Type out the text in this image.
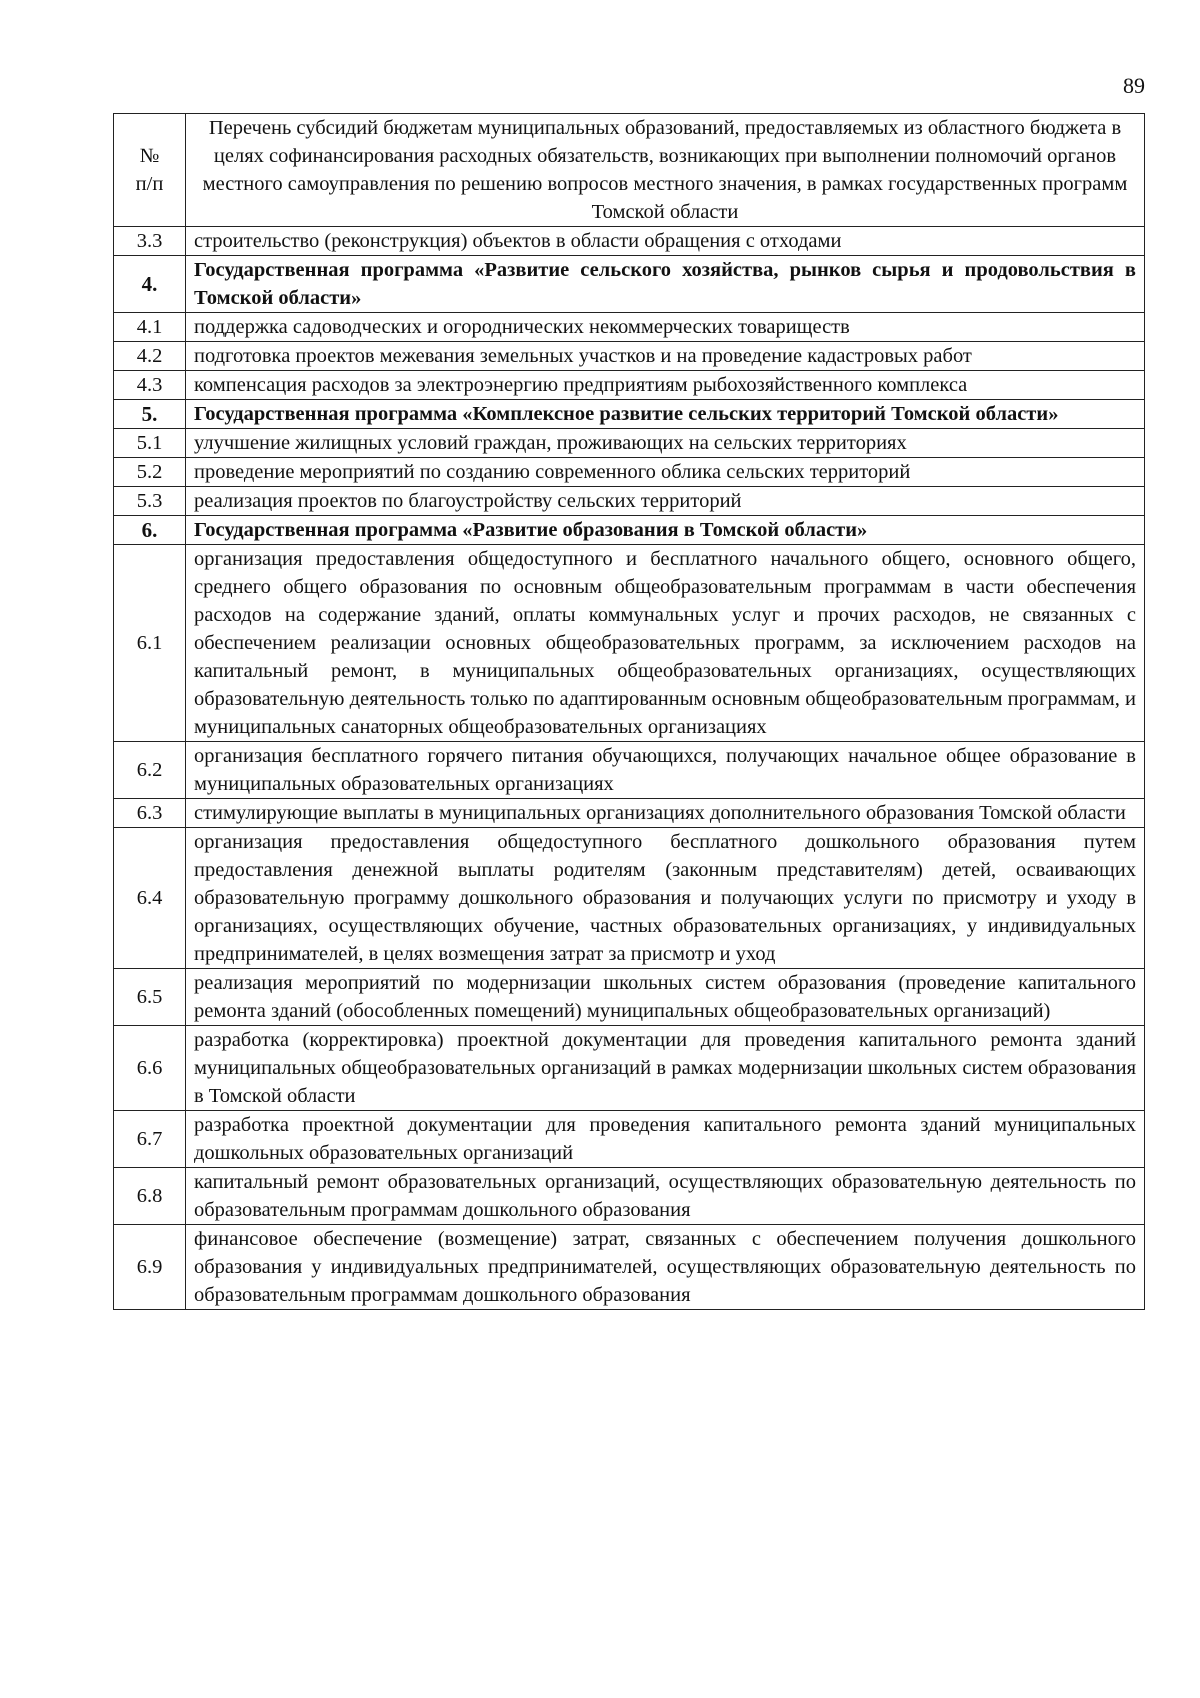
89
№
п/п	Перечень субсидий бюджетам муниципальных образований, предоставляемых из областного бюджета в целях софинансирования расходных обязательств, возникающих при выполнении полномочий органов местного самоуправления по решению вопросов местного значения, в рамках государственных программ Томской области
3.3	строительство (реконструкция) объектов в области обращения с отходами
4.	Государственная программа «Развитие сельского хозяйства, рынков сырья и продовольствия в Томской области»
4.1	поддержка садоводческих и огороднических некоммерческих товариществ
4.2	подготовка проектов межевания земельных участков и на проведение кадастровых работ
4.3	компенсация расходов за электроэнергию предприятиям рыбохозяйственного комплекса
5.	Государственная программа «Комплексное развитие сельских территорий Томской области»
5.1	улучшение жилищных условий граждан, проживающих на сельских территориях
5.2	проведение мероприятий по созданию современного облика сельских территорий
5.3	реализация проектов по благоустройству сельских территорий
6.	Государственная программа «Развитие образования в Томской области»
6.1	организация предоставления общедоступного и бесплатного начального общего, основного общего, среднего общего образования по основным общеобразовательным программам в части обеспечения расходов на содержание зданий, оплаты коммунальных услуг и прочих расходов, не связанных с обеспечением реализации основных общеобразовательных программ, за исключением расходов на капитальный ремонт, в муниципальных общеобразовательных организациях, осуществляющих образовательную деятельность только по адаптированным основным общеобразовательным программам, и муниципальных санаторных общеобразовательных организациях
6.2	организация бесплатного горячего питания обучающихся, получающих начальное общее образование в муниципальных образовательных организациях
6.3	стимулирующие выплаты в муниципальных организациях дополнительного образования Томской области
6.4	организация предоставления общедоступного бесплатного дошкольного образования путем предоставления денежной выплаты родителям (законным представителям) детей, осваивающих образовательную программу дошкольного образования и получающих услуги по присмотру и уходу в организациях, осуществляющих обучение, частных образовательных организациях, у индивидуальных предпринимателей, в целях возмещения затрат за присмотр и уход
6.5	реализация мероприятий по модернизации школьных систем образования (проведение капитального ремонта зданий (обособленных помещений) муниципальных общеобразовательных организаций)
6.6	разработка (корректировка) проектной документации для проведения капитального ремонта зданий муниципальных общеобразовательных организаций в рамках модернизации школьных систем образования в Томской области
6.7	разработка проектной документации для проведения капитального ремонта зданий муниципальных дошкольных образовательных организаций
6.8	капитальный ремонт образовательных организаций, осуществляющих образовательную деятельность по образовательным программам дошкольного образования
6.9	финансовое обеспечение (возмещение) затрат, связанных с обеспечением получения дошкольного образования у индивидуальных предпринимателей, осуществляющих образовательную деятельность по образовательным программам дошкольного образования
